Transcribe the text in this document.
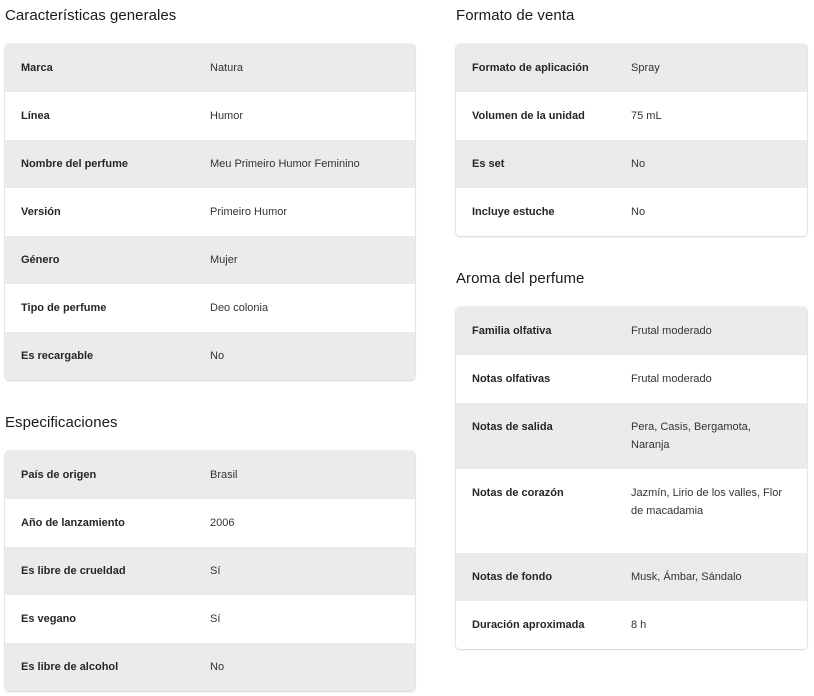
Características generales
Marca	Natura
Línea	Humor
Nombre del perfume	Meu Primeiro Humor Feminino
Versión	Primeiro Humor
Género	Mujer
Tipo de perfume	Deo colonia
Es recargable	No
Especificaciones
País de origen	Brasil
Año de lanzamiento	2006
Es libre de crueldad	Sí
Es vegano	Sí
Es libre de alcohol	No
Formato de venta
Formato de aplicación	Spray
Volumen de la unidad	75 mL
Es set	No
Incluye estuche	No
Aroma del perfume
Familia olfativa	Frutal moderado
Notas olfativas	Frutal moderado
Notas de salida	Pera, Casis, Bergamota, Naranja
Notas de corazón	Jazmín, Lirio de los valles, Flor de macadamia
Notas de fondo	Musk, Ámbar, Sándalo
Duración aproximada	8 h
